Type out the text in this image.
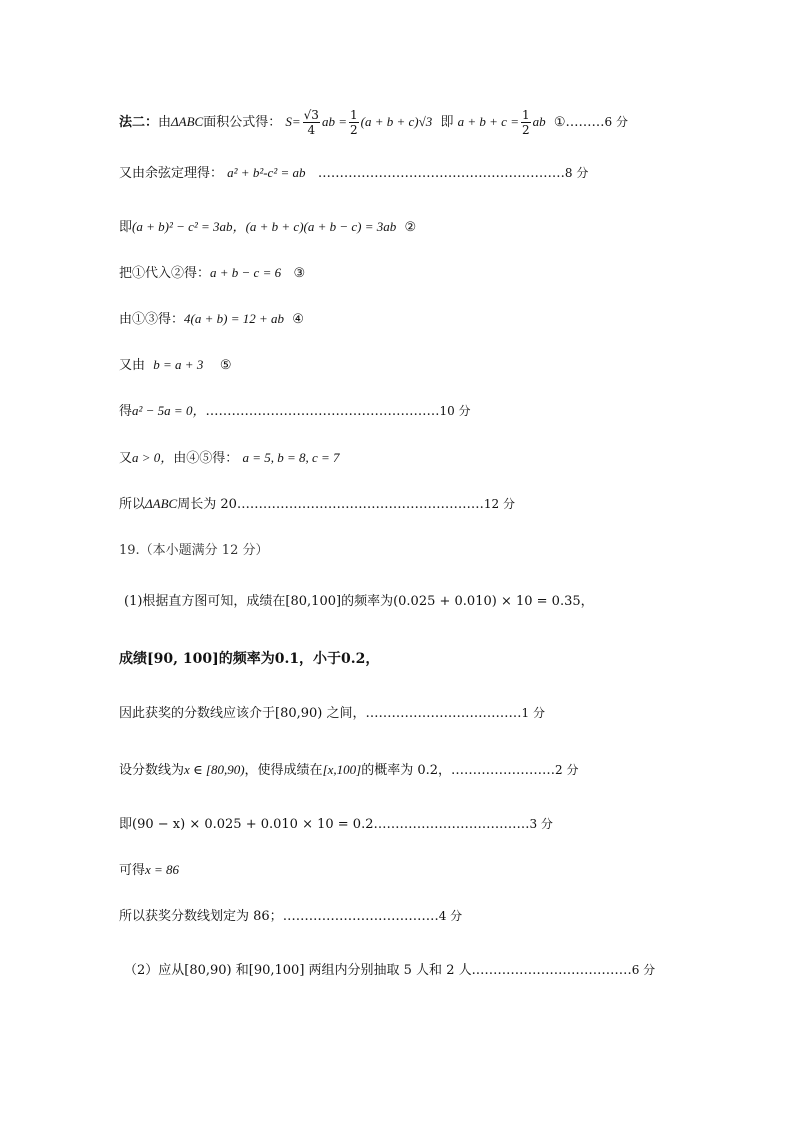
法二：由ΔABC面积公式得： $S= \frac{√3}{4}$ ab = $\frac{1}{2} (a + b + c)√3$ 即 $a + b + c = \frac{1}{2}$ ab ①………6 分
又由余弦定理得： a² + b²-c² = ab …………………………………………………8 分
即(a + b)² − c² = 3ab，(a + b + c)(a + b − c) = 3ab ②
把①代入②得：a + b − c = 6 ③
由①③得：4(a + b) = 12 + ab ④
又由 b = a + 3 ⑤
得a² − 5a = 0，………………………………………………10 分
又a > 0，由④⑤得： a = 5, b = 8, c = 7
所以ΔABC周长为 20…………………………………………………12 分
19.（本小题满分 12 分）
(1)根据直方图可知，成绩在[80,100]的频率为(0.025 + 0.010) × 10 = 0.35，
成绩[90, 100]的频率为0.1，小于0.2，
因此获奖的分数线应该介于[80,90) 之间，………………………………1 分
设分数线为x ∈ [80,90)，使得成绩在[x,100]的概率为 0.2，……………………2 分
即(90 − x) × 0.025 + 0.010 × 10 = 0.2………………………………3 分
可得x = 86
所以获奖分数线划定为 86；………………………………4 分
（2）应从[80,90) 和[90,100] 两组内分别抽取 5 人和 2 人.………………………………6 分
